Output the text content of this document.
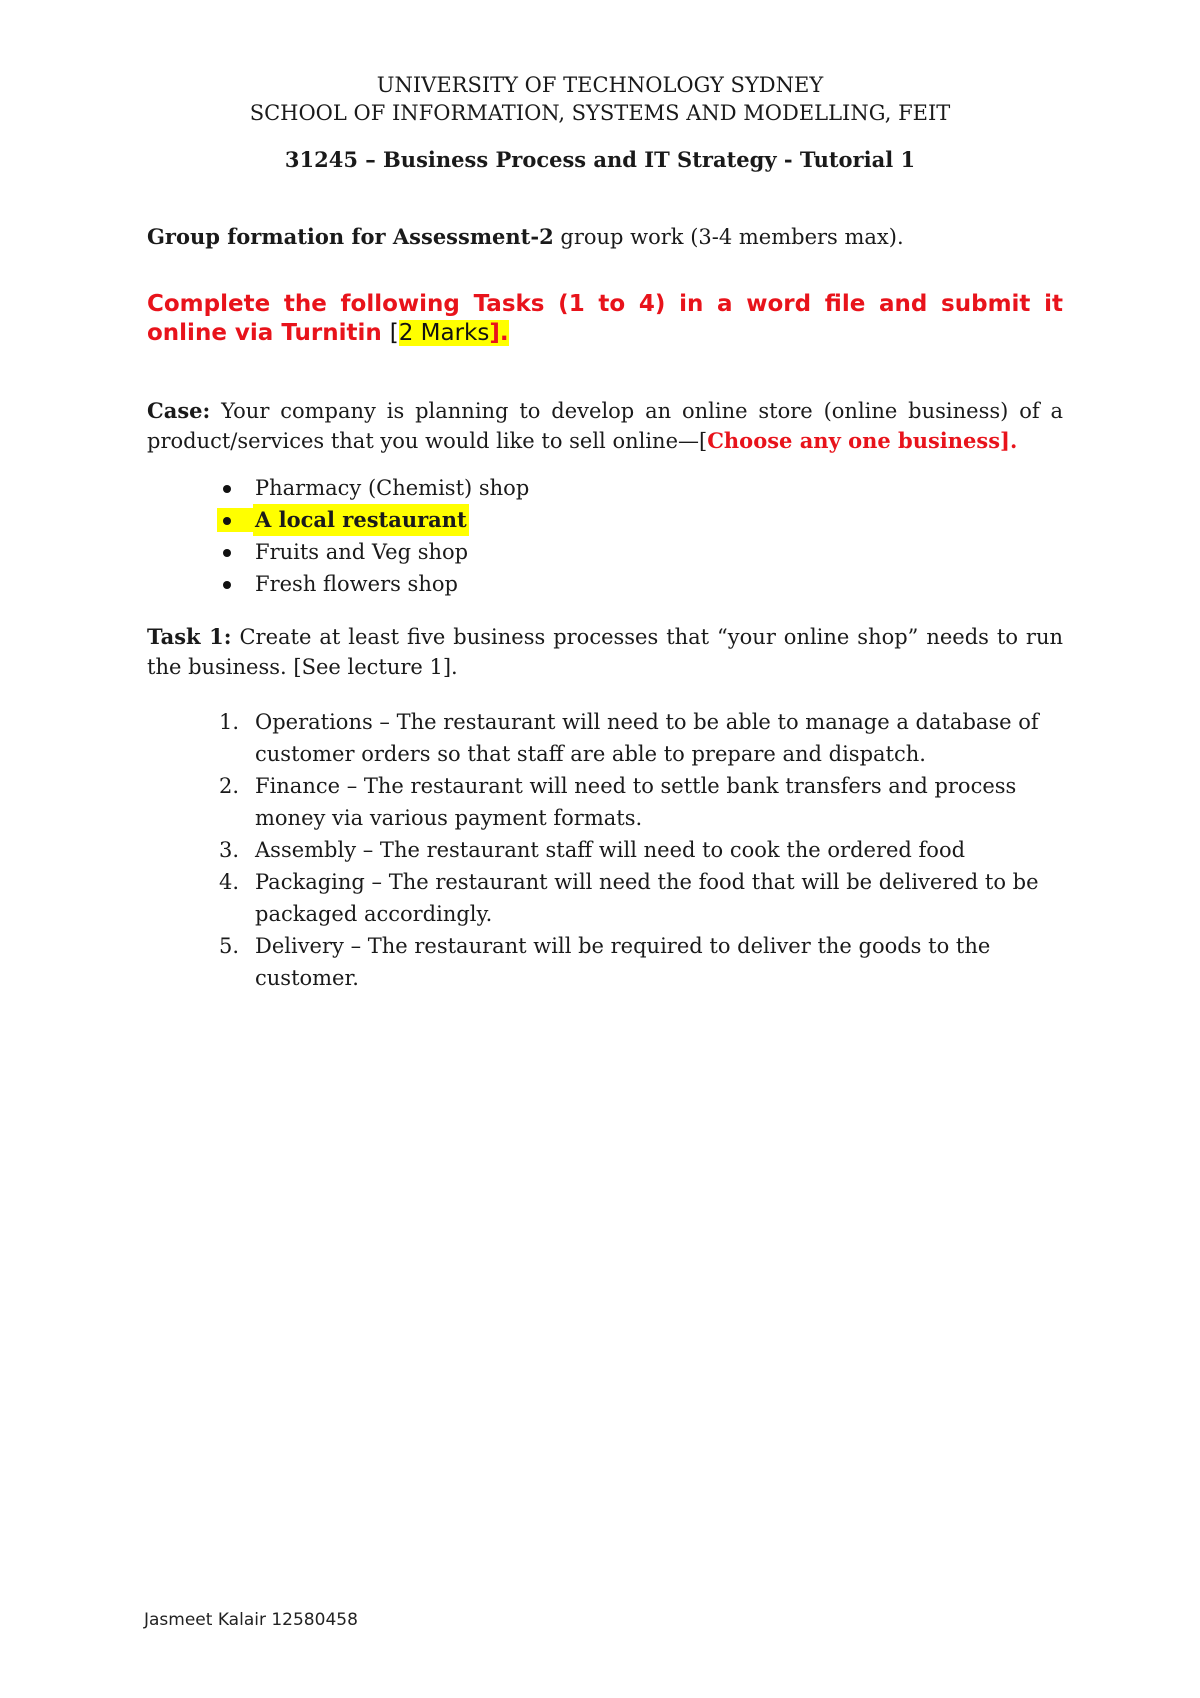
UNIVERSITY OF TECHNOLOGY SYDNEY
SCHOOL OF INFORMATION, SYSTEMS AND MODELLING, FEIT
31245 – Business Process and IT Strategy - Tutorial 1
Group formation for Assessment-2 group work (3-4 members max).
Complete the following Tasks (1 to 4) in a word file and submit it online via Turnitin [2 Marks].
Case: Your company is planning to develop an online store (online business) of a product/services that you would like to sell online—[Choose any one business].
Pharmacy (Chemist) shop
A local restaurant
Fruits and Veg shop
Fresh flowers shop
Task 1: Create at least five business processes that “your online shop” needs to run the business. [See lecture 1].
1. Operations – The restaurant will need to be able to manage a database of customer orders so that staff are able to prepare and dispatch.
2. Finance – The restaurant will need to settle bank transfers and process money via various payment formats.
3. Assembly – The restaurant staff will need to cook the ordered food
4. Packaging – The restaurant will need the food that will be delivered to be packaged accordingly.
5. Delivery – The restaurant will be required to deliver the goods to the customer.
Jasmeet Kalair 12580458
